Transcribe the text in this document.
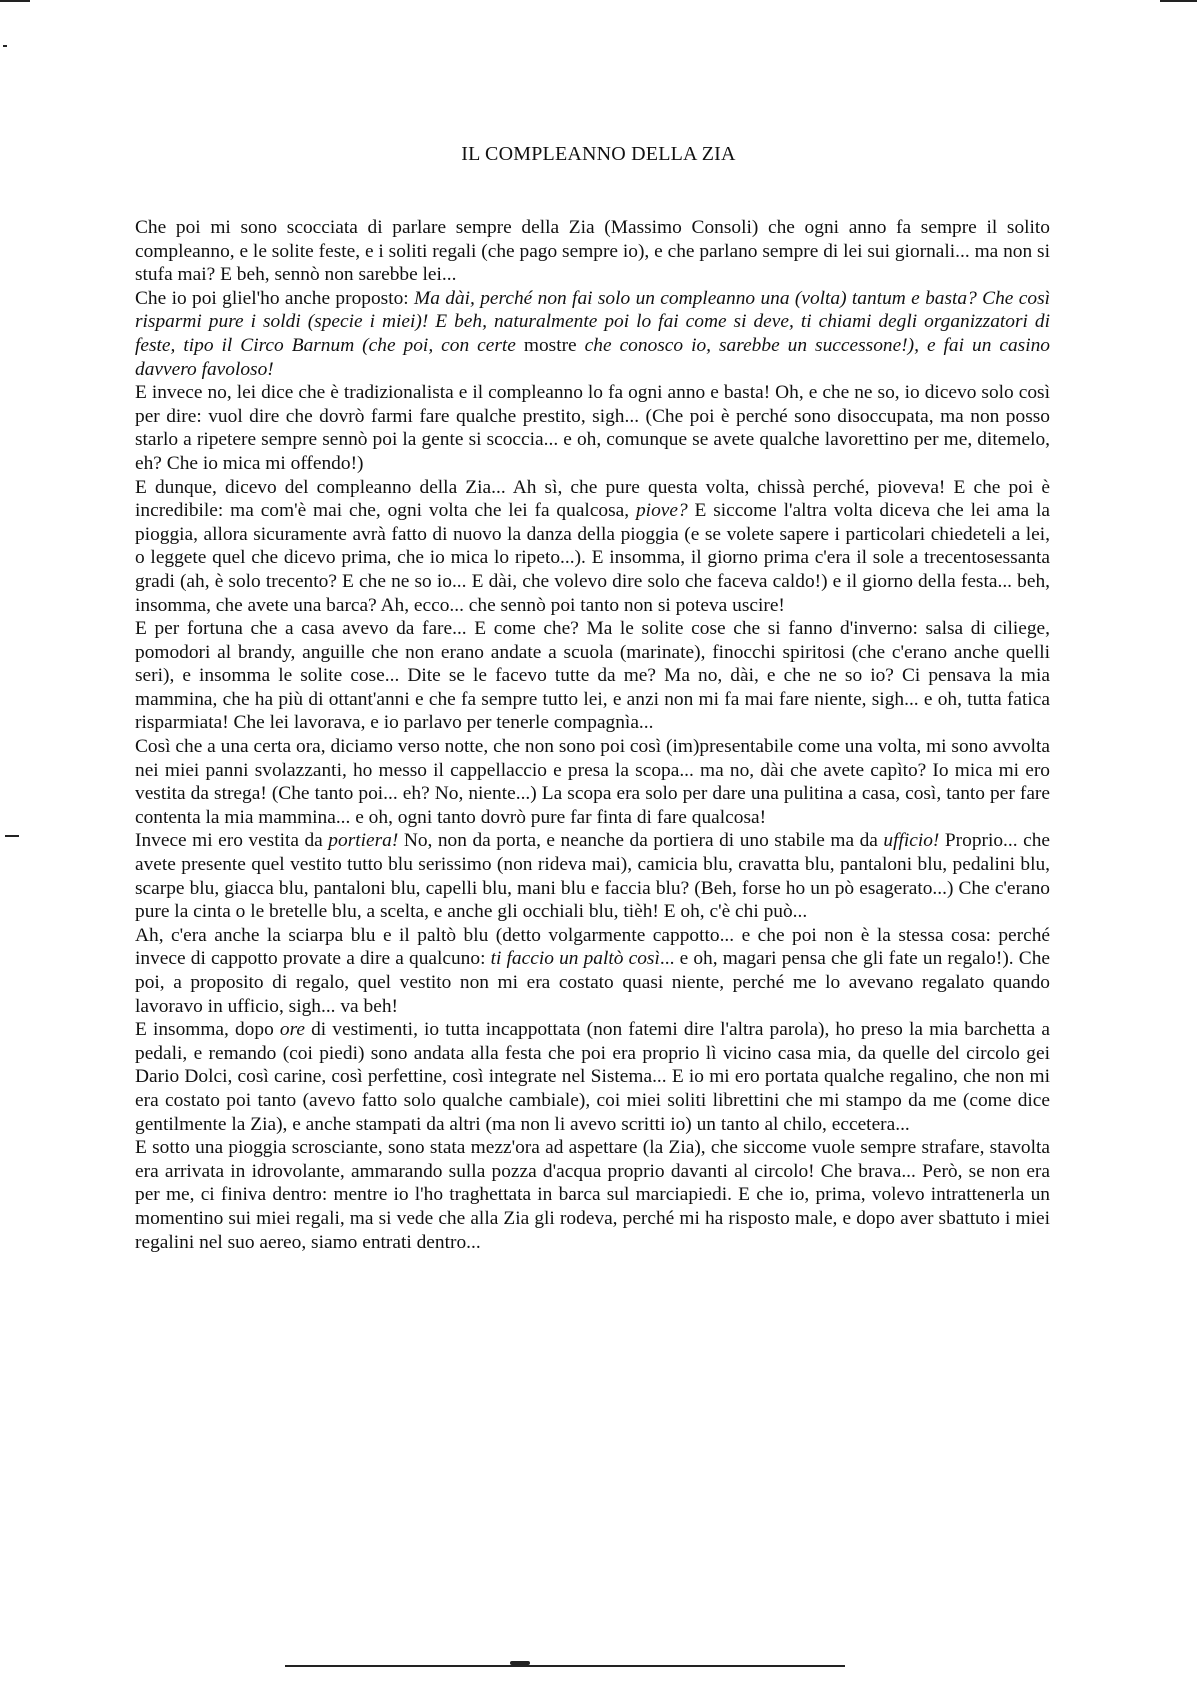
IL COMPLEANNO DELLA ZIA

Che poi mi sono scocciata di parlare sempre della Zia (Massimo Consoli) che ogni anno fa sempre il solito compleanno, e le solite feste, e i soliti regali (che pago sempre io), e che parlano sempre di lei sui giornali... ma non si stufa mai? E beh, sennò non sarebbe lei...

Che io poi gliel'ho anche proposto: Ma dài, perché non fai solo un compleanno una (volta) tantum e basta? Che così risparmi pure i soldi (specie i miei)! E beh, naturalmente poi lo fai come si deve, ti chiami degli organizzatori di feste, tipo il Circo Barnum (che poi, con certe mostre che conosco io, sarebbe un successone!), e fai un casino davvero favoloso!

E invece no, lei dice che è tradizionalista e il compleanno lo fa ogni anno e basta! Oh, e che ne so, io dicevo solo così per dire: vuol dire che dovrò farmi fare qualche prestito, sigh... (Che poi è perché sono disoccupata, ma non posso starlo a ripetere sempre sennò poi la gente si scoccia... e oh, comunque se avete qualche lavorettino per me, ditemelo, eh? Che io mica mi offendo!)

E dunque, dicevo del compleanno della Zia... Ah sì, che pure questa volta, chissà perché, pioveva! E che poi è incredibile: ma com'è mai che, ogni volta che lei fa qualcosa, piove? E siccome l'altra volta diceva che lei ama la pioggia, allora sicuramente avrà fatto di nuovo la danza della pioggia (e se volete sapere i particolari chiedeteli a lei, o leggete quel che dicevo prima, che io mica lo ripeto...). E insomma, il giorno prima c'era il sole a trecentosessanta gradi (ah, è solo trecento? E che ne so io... E dài, che volevo dire solo che faceva caldo!) e il giorno della festa... beh, insomma, che avete una barca? Ah, ecco... che sennò poi tanto non si poteva uscire!

E per fortuna che a casa avevo da fare... E come che? Ma le solite cose che si fanno d'inverno: salsa di ciliege, pomodori al brandy, anguille che non erano andate a scuola (marinate), finocchi spiritosi (che c'erano anche quelli seri), e insomma le solite cose... Dite se le facevo tutte da me? Ma no, dài, e che ne so io? Ci pensava la mia mammina, che ha più di ottant'anni e che fa sempre tutto lei, e anzi non mi fa mai fare niente, sigh... e oh, tutta fatica risparmiata! Che lei lavorava, e io parlavo per tenerle compagnìa...

Così che a una certa ora, diciamo verso notte, che non sono poi così (im)presentabile come una volta, mi sono avvolta nei miei panni svolazzanti, ho messo il cappellaccio e presa la scopa... ma no, dài che avete capìto? Io mica mi ero vestita da strega! (Che tanto poi... eh? No, niente...) La scopa era solo per dare una pulitina a casa, così, tanto per fare contenta la mia mammina... e oh, ogni tanto dovrò pure far finta di fare qualcosa!

Invece mi ero vestita da portiera! No, non da porta, e neanche da portiera di uno stabile ma da ufficio! Proprio... che avete presente quel vestito tutto blu serissimo (non rideva mai), camicia blu, cravatta blu, pantaloni blu, pedalini blu, scarpe blu, giacca blu, pantaloni blu, capelli blu, mani blu e faccia blu? (Beh, forse ho un pò esagerato...) Che c'erano pure la cinta o le bretelle blu, a scelta, e anche gli occhiali blu, tièh! E oh, c'è chi può...

Ah, c'era anche la sciarpa blu e il paltò blu (detto volgarmente cappotto... e che poi non è la stessa cosa: perché invece di cappotto provate a dire a qualcuno: ti faccio un paltò così... e oh, magari pensa che gli fate un regalo!). Che poi, a proposito di regalo, quel vestito non mi era costato quasi niente, perché me lo avevano regalato quando lavoravo in ufficio, sigh... va beh!

E insomma, dopo ore di vestimenti, io tutta incappottata (non fatemi dire l'altra parola), ho preso la mia barchetta a pedali, e remando (coi piedi) sono andata alla festa che poi era proprio lì vicino casa mia, da quelle del circolo gei Dario Dolci, così carine, così perfettine, così integrate nel Sistema... E io mi ero portata qualche regalino, che non mi era costato poi tanto (avevo fatto solo qualche cambiale), coi miei soliti librettini che mi stampo da me (come dice gentilmente la Zia), e anche stampati da altri (ma non li avevo scritti io) un tanto al chilo, eccetera...

E sotto una pioggia scrosciante, sono stata mezz'ora ad aspettare (la Zia), che siccome vuole sempre strafare, stavolta era arrivata in idrovolante, ammarando sulla pozza d'acqua proprio davanti al circolo! Che brava... Però, se non era per me, ci finiva dentro: mentre io l'ho traghettata in barca sul marciapiedi. E che io, prima, volevo intrattenerla un momentino sui miei regali, ma si vede che alla Zia gli rodeva, perché mi ha risposto male, e dopo aver sbattuto i miei regalini nel suo aereo, siamo entrati dentro...
